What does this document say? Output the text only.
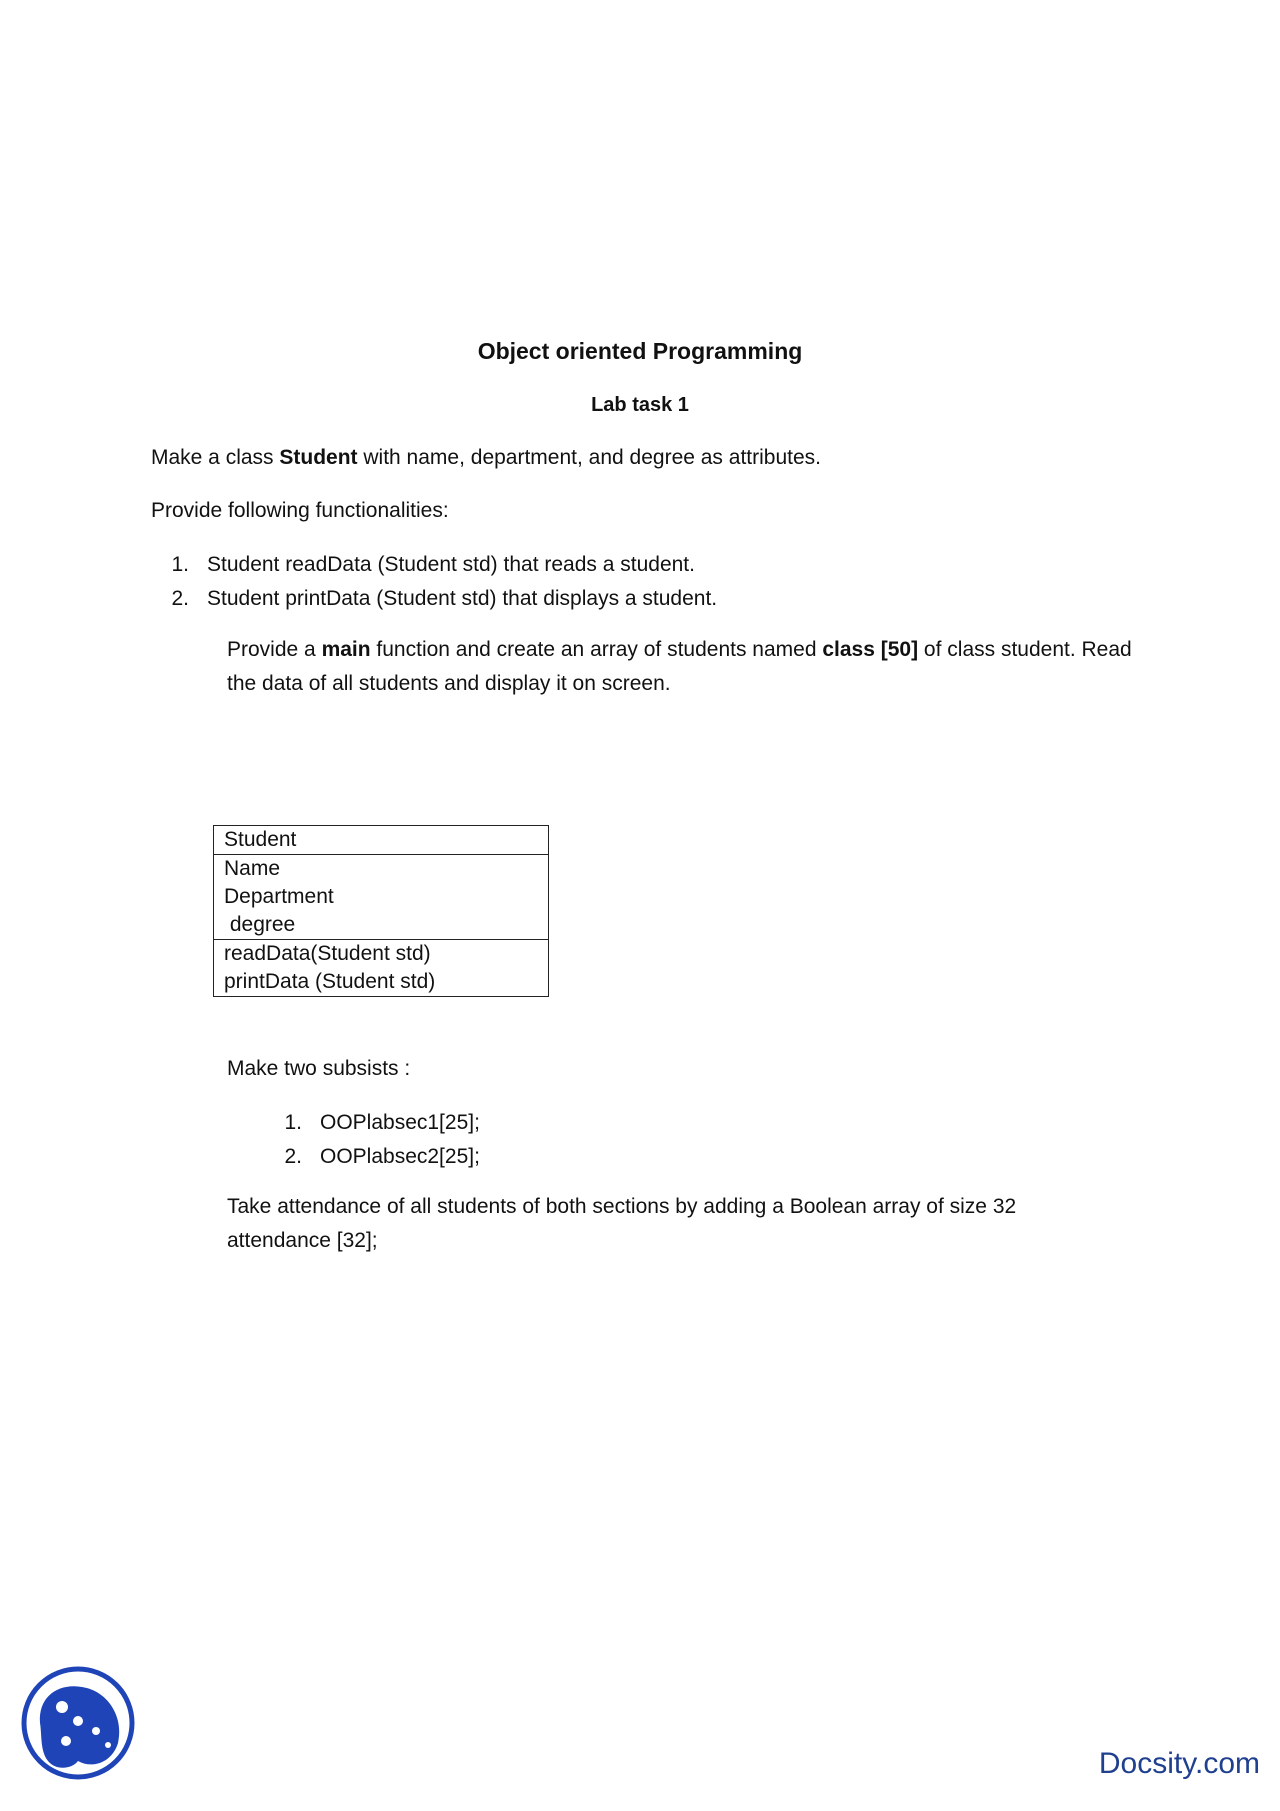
Object oriented Programming
Lab task 1

Make a class Student with name, department, and degree as attributes.

Provide following functionalities:

1. Student readData (Student std) that reads a student.
2. Student printData (Student std) that displays a student.

Provide a main function and create an array of students named class [50] of class student. Read

the data of all students and display it on screen.

Student
Name
Department
degree
readData(Student std)
printData (Student std)

Make two subsists :

1. OOPlabsec1[25];
2. OOPlabsec2[25];

Take attendance of all students of both sections by adding a Boolean array of size 32

attendance [32];

Docsity.com
